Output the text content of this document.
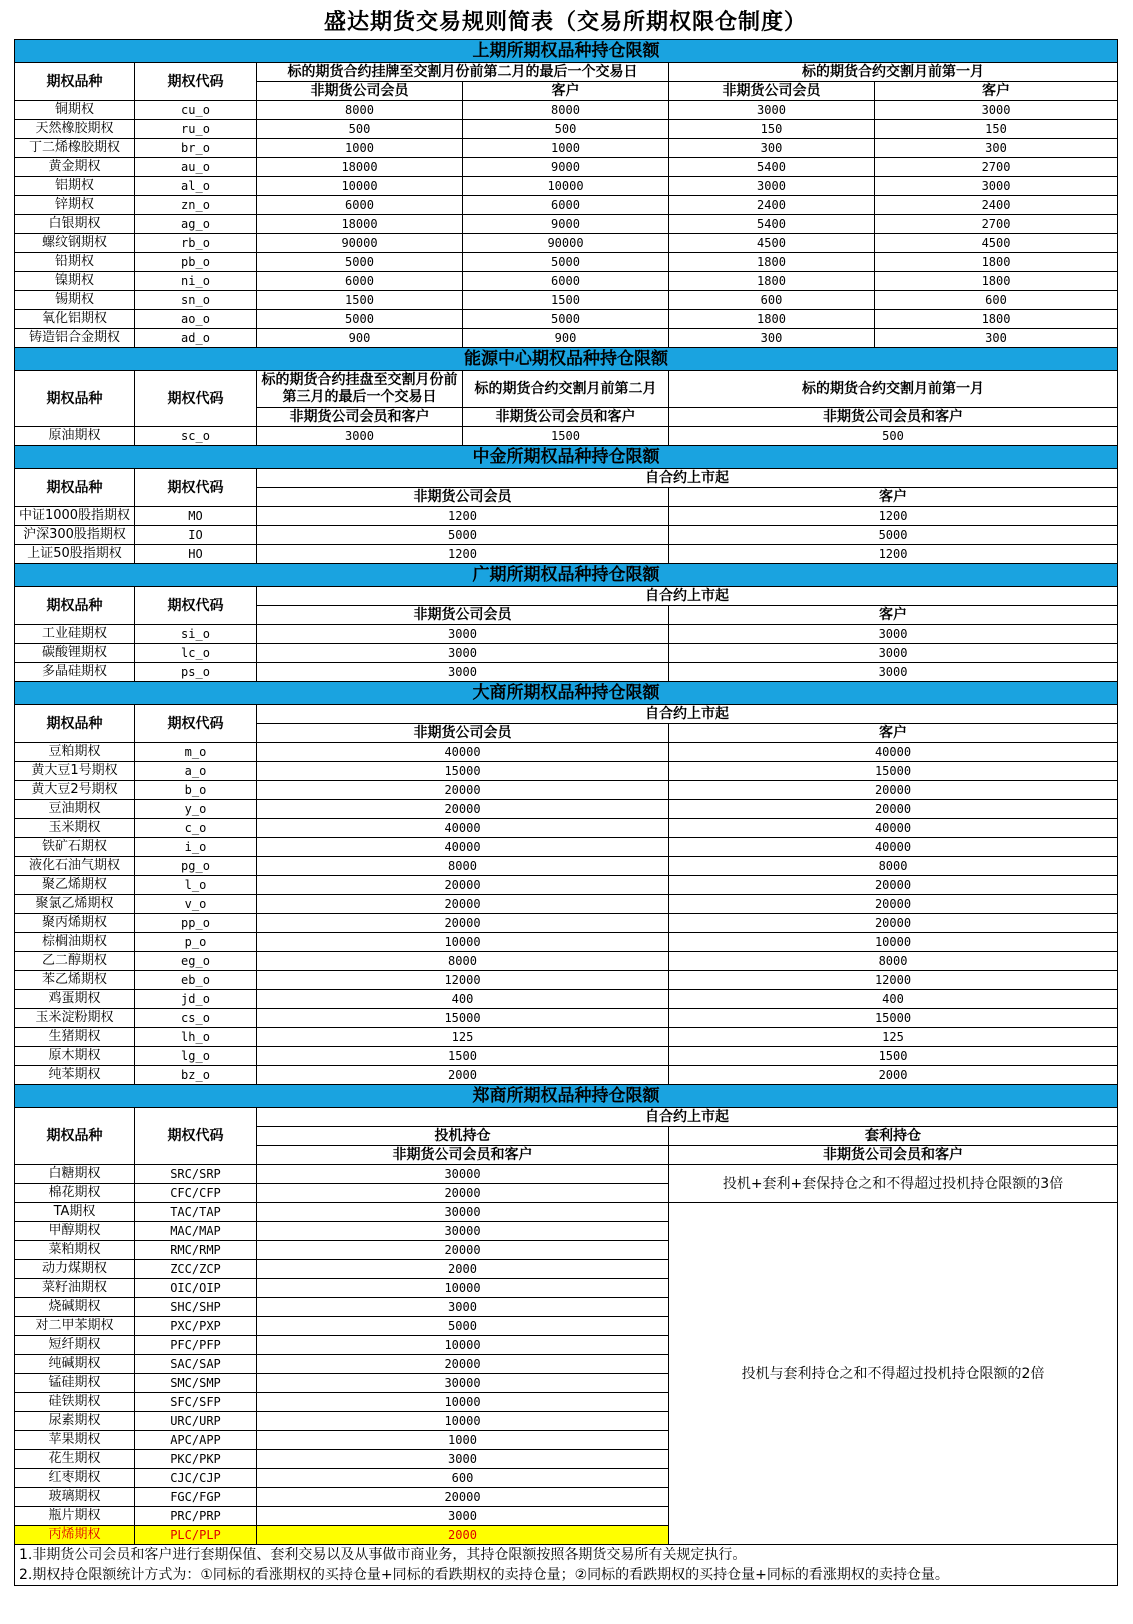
盛达期货交易规则简表（交易所期权限仓制度）
上期所期权品种持仓限额					
期权品种	期权代码	标的期货合约挂牌至交割月份前第二月的最后一个交易日		标的期货合约交割月前第一月	
		非期货公司会员	客户	非期货公司会员	客户
铜期权	cu_o	8000	8000	3000	3000
天然橡胶期权	ru_o	500	500	150	150
丁二烯橡胶期权	br_o	1000	1000	300	300
黄金期权	au_o	18000	9000	5400	2700
铝期权	al_o	10000	10000	3000	3000
锌期权	zn_o	6000	6000	2400	2400
白银期权	ag_o	18000	9000	5400	2700
螺纹钢期权	rb_o	90000	90000	4500	4500
铅期权	pb_o	5000	5000	1800	1800
镍期权	ni_o	6000	6000	1800	1800
锡期权	sn_o	1500	1500	600	600
氧化铝期权	ao_o	5000	5000	1800	1800
铸造铝合金期权	ad_o	900	900	300	300
能源中心期权品种持仓限额					
期权品种	期权代码	标的期货合约挂盘至交割月份前第三月的最后一个交易日	标的期货合约交割月前第二月	标的期货合约交割月前第一月	
		非期货公司会员和客户	非期货公司会员和客户	非期货公司会员和客户	
原油期权	sc_o	3000	1500	500	
中金所期权品种持仓限额					
期权品种	期权代码	自合约上市起			
		非期货公司会员		客户	
中证1000股指期权	MO	1200		1200	
沪深300股指期权	IO	5000		5000	
上证50股指期权	HO	1200		1200	
广期所期权品种持仓限额					
期权品种	期权代码	自合约上市起			
		非期货公司会员		客户	
工业硅期权	si_o	3000		3000	
碳酸锂期权	lc_o	3000		3000	
多晶硅期权	ps_o	3000		3000	
大商所期权品种持仓限额					
期权品种	期权代码	自合约上市起			
		非期货公司会员		客户	
豆粕期权	m_o	40000		40000	
黄大豆1号期权	a_o	15000		15000	
黄大豆2号期权	b_o	20000		20000	
豆油期权	y_o	20000		20000	
玉米期权	c_o	40000		40000	
铁矿石期权	i_o	40000		40000	
液化石油气期权	pg_o	8000		8000	
聚乙烯期权	l_o	20000		20000	
聚氯乙烯期权	v_o	20000		20000	
聚丙烯期权	pp_o	20000		20000	
棕榈油期权	p_o	10000		10000	
乙二醇期权	eg_o	8000		8000	
苯乙烯期权	eb_o	12000		12000	
鸡蛋期权	jd_o	400		400	
玉米淀粉期权	cs_o	15000		15000	
生猪期权	lh_o	125		125	
原木期权	lg_o	1500		1500	
纯苯期权	bz_o	2000		2000	
郑商所期权品种持仓限额					
期权品种	期权代码	自合约上市起			
		投机持仓		套利持仓	
		非期货公司会员和客户		非期货公司会员和客户	
白糖期权	SRC/SRP	30000		投机+套利+套保持仓之和不得超过投机持仓限额的3倍	
棉花期权	CFC/CFP	20000			
TA期权	TAC/TAP	30000		投机与套利持仓之和不得超过投机持仓限额的2倍	
甲醇期权	MAC/MAP	30000			
菜粕期权	RMC/RMP	20000			
动力煤期权	ZCC/ZCP	2000			
菜籽油期权	OIC/OIP	10000			
烧碱期权	SHC/SHP	3000			
对二甲苯期权	PXC/PXP	5000			
短纤期权	PFC/PFP	10000			
纯碱期权	SAC/SAP	20000			
锰硅期权	SMC/SMP	30000			
硅铁期权	SFC/SFP	10000			
尿素期权	URC/URP	10000			
苹果期权	APC/APP	1000			
花生期权	PKC/PKP	3000			
红枣期权	CJC/CJP	600			
玻璃期权	FGC/FGP	20000			
瓶片期权	PRC/PRP	3000			
丙烯期权	PLC/PLP	2000			
1.非期货公司会员和客户进行套期保值、套利交易以及从事做市商业务，其持仓限额按照各期货交易所有关规定执行。					
2.期权持仓限额统计方式为：①同标的看涨期权的买持仓量+同标的看跌期权的卖持仓量；②同标的看跌期权的买持仓量+同标的看涨期权的卖持仓量。					
